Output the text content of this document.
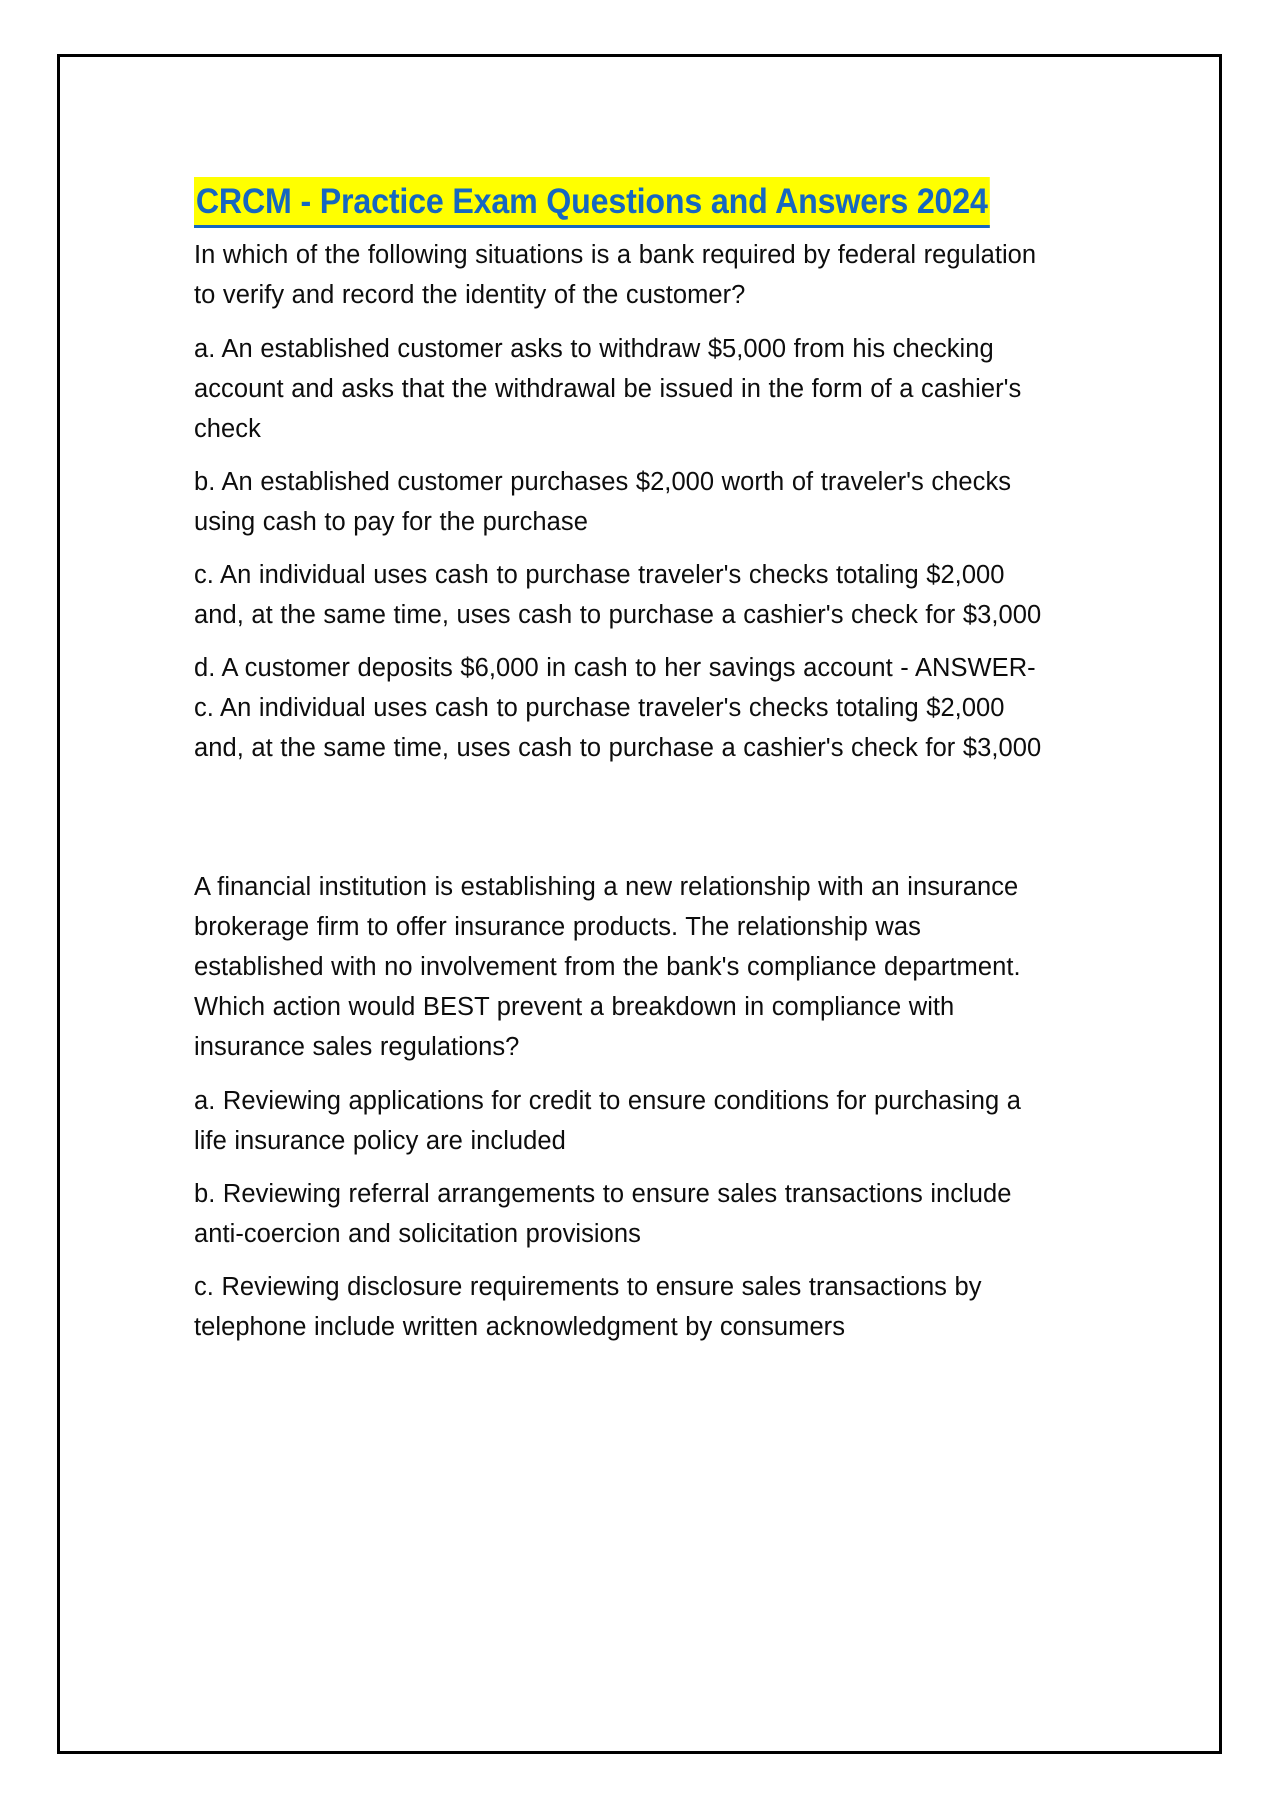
CRCM - Practice Exam Questions and Answers 2024

In which of the following situations is a bank required by federal regulation to verify and record the identity of the customer?

a. An established customer asks to withdraw $5,000 from his checking account and asks that the withdrawal be issued in the form of a cashier's check

b. An established customer purchases $2,000 worth of traveler's checks using cash to pay for the purchase

c. An individual uses cash to purchase traveler's checks totaling $2,000 and, at the same time, uses cash to purchase a cashier's check for $3,000

d. A customer deposits $6,000 in cash to her savings account - ANSWER-c. An individual uses cash to purchase traveler's checks totaling $2,000 and, at the same time, uses cash to purchase a cashier's check for $3,000

A financial institution is establishing a new relationship with an insurance brokerage firm to offer insurance products. The relationship was established with no involvement from the bank's compliance department. Which action would BEST prevent a breakdown in compliance with insurance sales regulations?

a. Reviewing applications for credit to ensure conditions for purchasing a life insurance policy are included

b. Reviewing referral arrangements to ensure sales transactions include anti-coercion and solicitation provisions

c. Reviewing disclosure requirements to ensure sales transactions by telephone include written acknowledgment by consumers
